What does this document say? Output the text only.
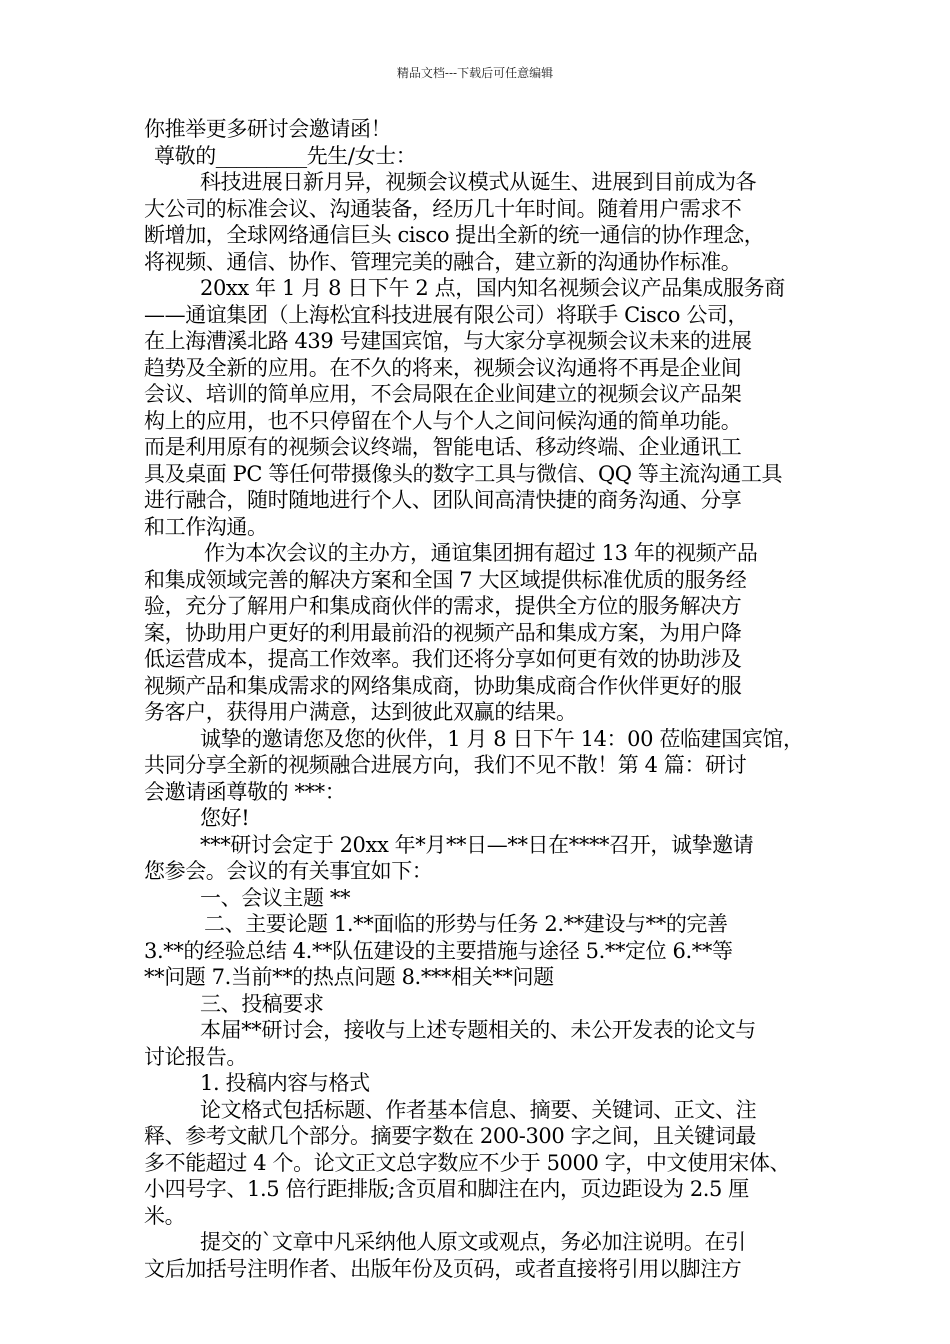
精品文档---下载后可任意编辑

你推举更多研讨会邀请函！

尊敬的_________先生/女士：

科技进展日新月异，视频会议模式从诞生、进展到目前成为各

大公司的标准会议、沟通装备，经历几十年时间。随着用户需求不

断增加，全球网络通信巨头 cisco 提出全新的统一通信的协作理念，

将视频、通信、协作、管理完美的融合，建立新的沟通协作标准。

20xx 年 1 月 8 日下午 2 点，国内知名视频会议产品集成服务商

——通谊集团（上海松宜科技进展有限公司）将联手 Cisco 公司，

在上海漕溪北路 439 号建国宾馆，与大家分享视频会议未来的进展

趋势及全新的应用。在不久的将来，视频会议沟通将不再是企业间

会议、培训的简单应用，不会局限在企业间建立的视频会议产品架

构上的应用，也不只停留在个人与个人之间问候沟通的简单功能。

而是利用原有的视频会议终端，智能电话、移动终端、企业通讯工

具及桌面 PC 等任何带摄像头的数字工具与微信、QQ 等主流沟通工具

进行融合，随时随地进行个人、团队间高清快捷的商务沟通、分享

和工作沟通。

作为本次会议的主办方，通谊集团拥有超过 13 年的视频产品

和集成领域完善的解决方案和全国 7 大区域提供标准优质的服务经

验，充分了解用户和集成商伙伴的需求，提供全方位的服务解决方

案，协助用户更好的利用最前沿的视频产品和集成方案，为用户降

低运营成本，提高工作效率。我们还将分享如何更有效的协助涉及

视频产品和集成需求的网络集成商，协助集成商合作伙伴更好的服

务客户，获得用户满意，达到彼此双赢的结果。

诚挚的邀请您及您的伙伴，1 月 8 日下午 14：00 莅临建国宾馆，

共同分享全新的视频融合进展方向，我们不见不散！第 4 篇：研讨

会邀请函尊敬的 ***：

您好!

***研讨会定于 20xx 年*月**日—**日在****召开，诚挚邀请

您参会。会议的有关事宜如下：

一、会议主题 **

二、主要论题 1.**面临的形势与任务 2.**建设与**的完善

3.**的经验总结 4.**队伍建设的主要措施与途径 5.**定位 6.**等

**问题 7.当前**的热点问题 8.***相关**问题

三、投稿要求

本届**研讨会，接收与上述专题相关的、未公开发表的论文与

讨论报告。

1. 投稿内容与格式

论文格式包括标题、作者基本信息、摘要、关键词、正文、注

释、参考文献几个部分。摘要字数在 200-300 字之间，且关键词最

多不能超过 4 个。论文正文总字数应不少于 5000 字，中文使用宋体、

小四号字、1.5 倍行距排版;含页眉和脚注在内，页边距设为 2.5 厘

米。

提交的`文章中凡采纳他人原文或观点，务必加注说明。在引

文后加括号注明作者、出版年份及页码，或者直接将引用以脚注方
